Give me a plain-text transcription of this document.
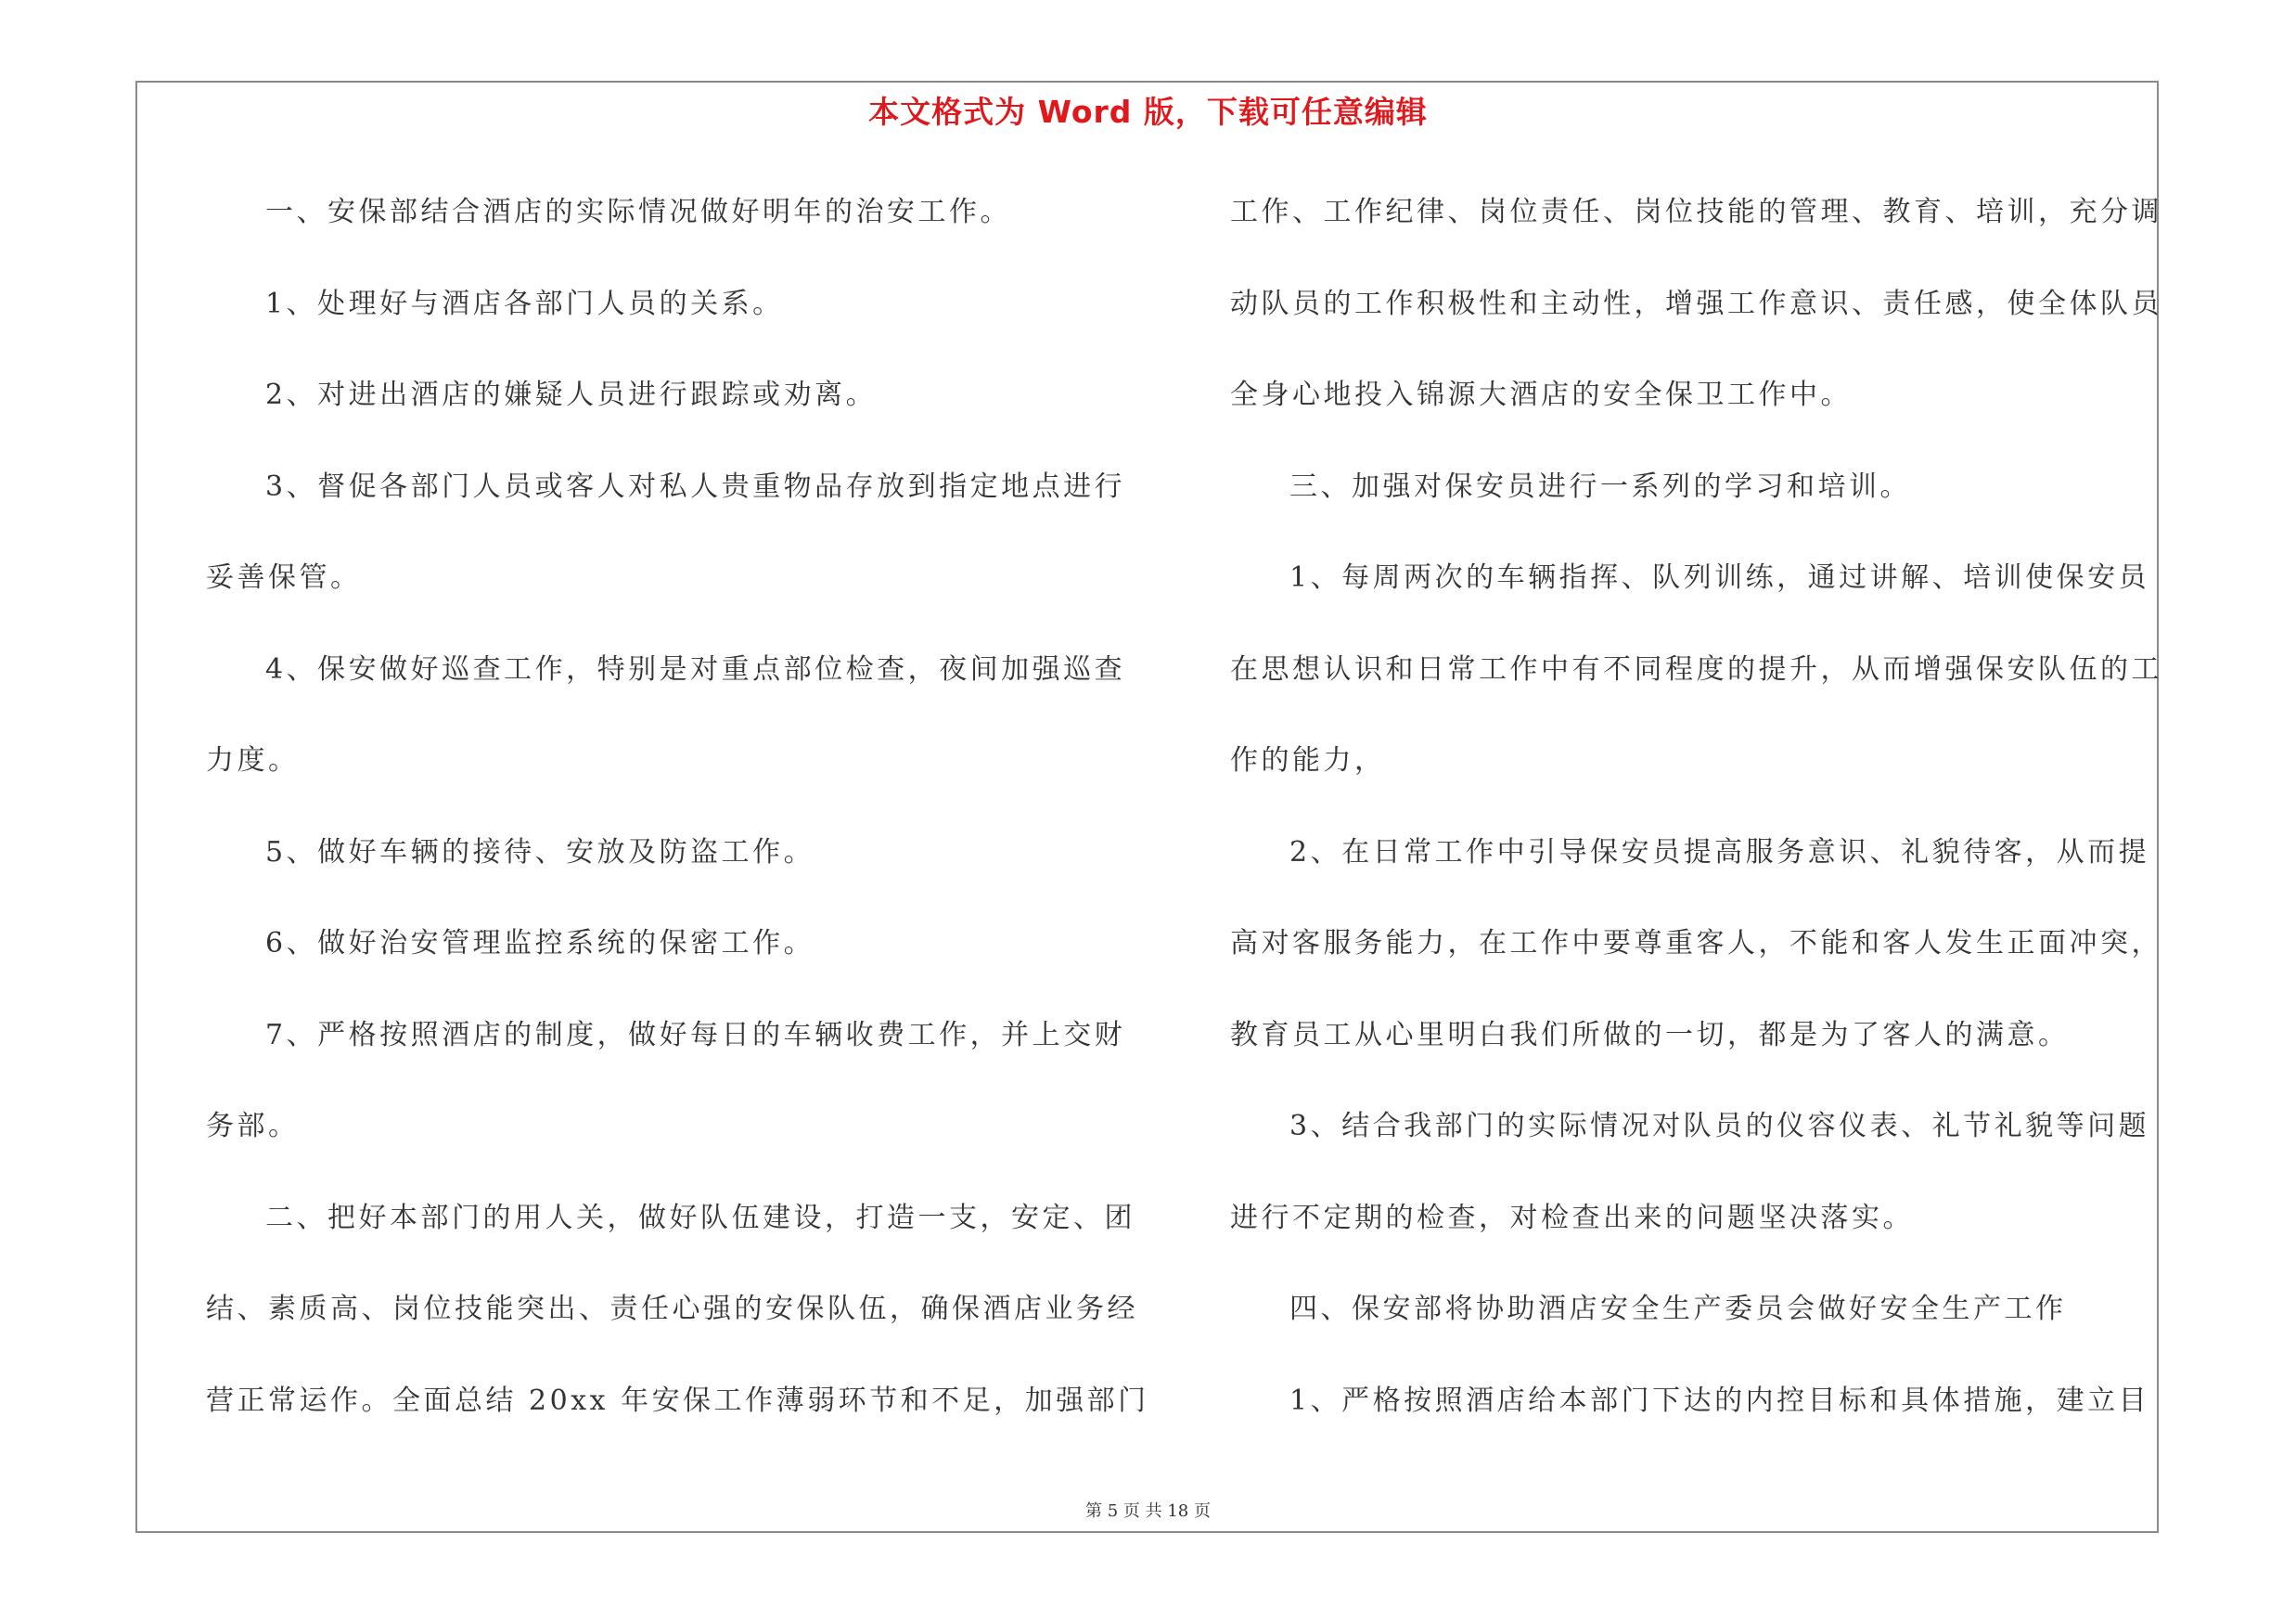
本文格式为 Word 版，下载可任意编辑
一、安保部结合酒店的实际情况做好明年的治安工作。
1、处理好与酒店各部门人员的关系。
2、对进出酒店的嫌疑人员进行跟踪或劝离。
3、督促各部门人员或客人对私人贵重物品存放到指定地点进行
妥善保管。
4、保安做好巡查工作，特别是对重点部位检查，夜间加强巡查
力度。
5、做好车辆的接待、安放及防盗工作。
6、做好治安管理监控系统的保密工作。
7、严格按照酒店的制度，做好每日的车辆收费工作，并上交财
务部。
二、把好本部门的用人关，做好队伍建设，打造一支，安定、团
结、素质高、岗位技能突出、责任心强的安保队伍，确保酒店业务经
营正常运作。全面总结 20xx 年安保工作薄弱环节和不足，加强部门
工作、工作纪律、岗位责任、岗位技能的管理、教育、培训，充分调
动队员的工作积极性和主动性，增强工作意识、责任感，使全体队员
全身心地投入锦源大酒店的安全保卫工作中。
三、加强对保安员进行一系列的学习和培训。
1、每周两次的车辆指挥、队列训练，通过讲解、培训使保安员
在思想认识和日常工作中有不同程度的提升，从而增强保安队伍的工
作的能力，
2、在日常工作中引导保安员提高服务意识、礼貌待客，从而提
高对客服务能力，在工作中要尊重客人，不能和客人发生正面冲突，
教育员工从心里明白我们所做的一切，都是为了客人的满意。
3、结合我部门的实际情况对队员的仪容仪表、礼节礼貌等问题
进行不定期的检查，对检查出来的问题坚决落实。
四、保安部将协助酒店安全生产委员会做好安全生产工作
1、严格按照酒店给本部门下达的内控目标和具体措施，建立目
第 5 页 共 18 页
